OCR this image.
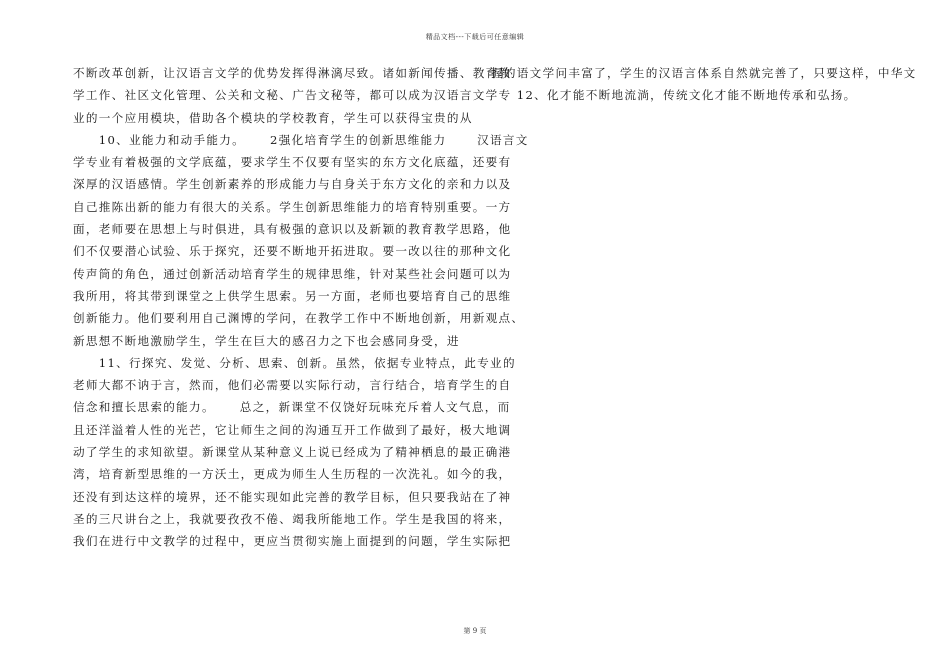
精品文档---下载后可任意编辑
不断改革创新，让汉语言文学的优势发挥得淋漓尽致。诸如新闻传播、教育教
学工作、社区文化管理、公关和文秘、广告文秘等，都可以成为汉语言文学专
业的一个应用模块，借助各个模块的学校教育，学生可以获得宝贵的从
　　10、业能力和动手能力。　　 2强化培育学生的创新思维能力　　 汉语言文
学专业有着极强的文学底蕴，要求学生不仅要有坚实的东方文化底蕴，还要有
深厚的汉语感情。学生创新素养的形成能力与自身关于东方文化的亲和力以及
自己推陈出新的能力有很大的关系。学生创新思维能力的培育特别重要。一方
面，老师要在思想上与时俱进，具有极强的意识以及新颖的教育教学思路，他
们不仅要潜心试验、乐于探究，还要不断地开拓进取。要一改以往的那种文化
传声筒的角色，通过创新活动培育学生的规律思维，针对某些社会问题可以为
我所用，将其带到课堂之上供学生思索。另一方面，老师也要培育自己的思维
创新能力。他们要利用自己渊博的学问，在教学工作中不断地创新，用新观点、
新思想不断地激励学生，学生在巨大的感召力之下也会感同身受，进
　　11、行探究、发觉、分析、思索、创新。虽然，依据专业特点，此专业的
老师大都不讷于言，然而，他们必需要以实际行动，言行结合，培育学生的自
信念和擅长思索的能力。　　 总之，新课堂不仅饶好玩味充斥着人文气息，而
且还洋溢着人性的光芒，它让师生之间的沟通互开工作做到了最好，极大地调
动了学生的求知欲望。新课堂从某种意义上说已经成为了精神栖息的最正确港
湾，培育新型思维的一方沃土，更成为师生人生历程的一次洗礼。如今的我，
还没有到达这样的境界，还不能实现如此完善的教学目标，但只要我站在了神
圣的三尺讲台之上，我就要孜孜不倦、竭我所能地工作。学生是我国的将来，
我们在进行中文教学的过程中，更应当贯彻实施上面提到的问题，学生实际把
握的语文学问丰富了，学生的汉语言体系自然就完善了，只要这样，中华文
　　12、化才能不断地流淌，传统文化才能不断地传承和弘扬。
第 9 页
